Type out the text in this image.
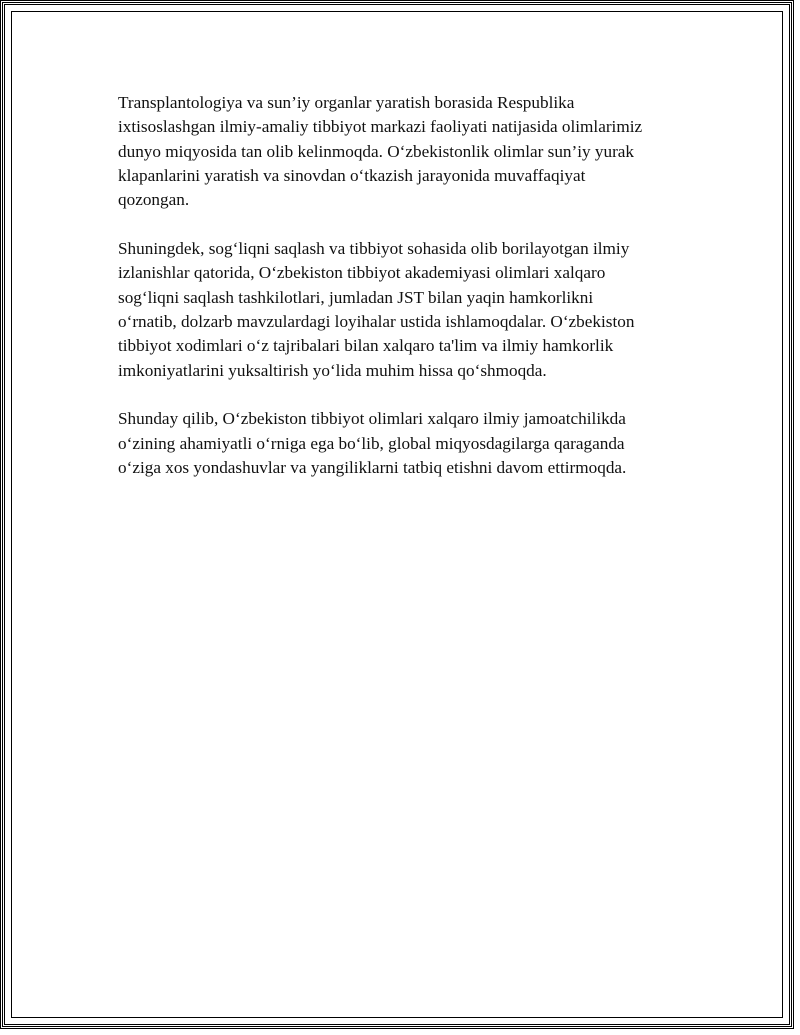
Transplantologiya va sun’iy organlar yaratish borasida Respublika
ixtisoslashgan ilmiy-amaliy tibbiyot markazi faoliyati natijasida olimlarimiz
dunyo miqyosida tan olib kelinmoqda. O‘zbekistonlik olimlar sun’iy yurak
klapanlarini yaratish va sinovdan o‘tkazish jarayonida muvaffaqiyat
qozongan.

Shuningdek, sog‘liqni saqlash va tibbiyot sohasida olib borilayotgan ilmiy
izlanishlar qatorida, O‘zbekiston tibbiyot akademiyasi olimlari xalqaro
sog‘liqni saqlash tashkilotlari, jumladan JST bilan yaqin hamkorlikni
o‘rnatib, dolzarb mavzulardagi loyihalar ustida ishlamoqdalar. O‘zbekiston
tibbiyot xodimlari o‘z tajribalari bilan xalqaro ta'lim va ilmiy hamkorlik
imkoniyatlarini yuksaltirish yo‘lida muhim hissa qo‘shmoqda.

Shunday qilib, O‘zbekiston tibbiyot olimlari xalqaro ilmiy jamoatchilikda
o‘zining ahamiyatli o‘rniga ega bo‘lib, global miqyosdagilarga qaraganda
o‘ziga xos yondashuvlar va yangiliklarni tatbiq etishni davom ettirmoqda.
